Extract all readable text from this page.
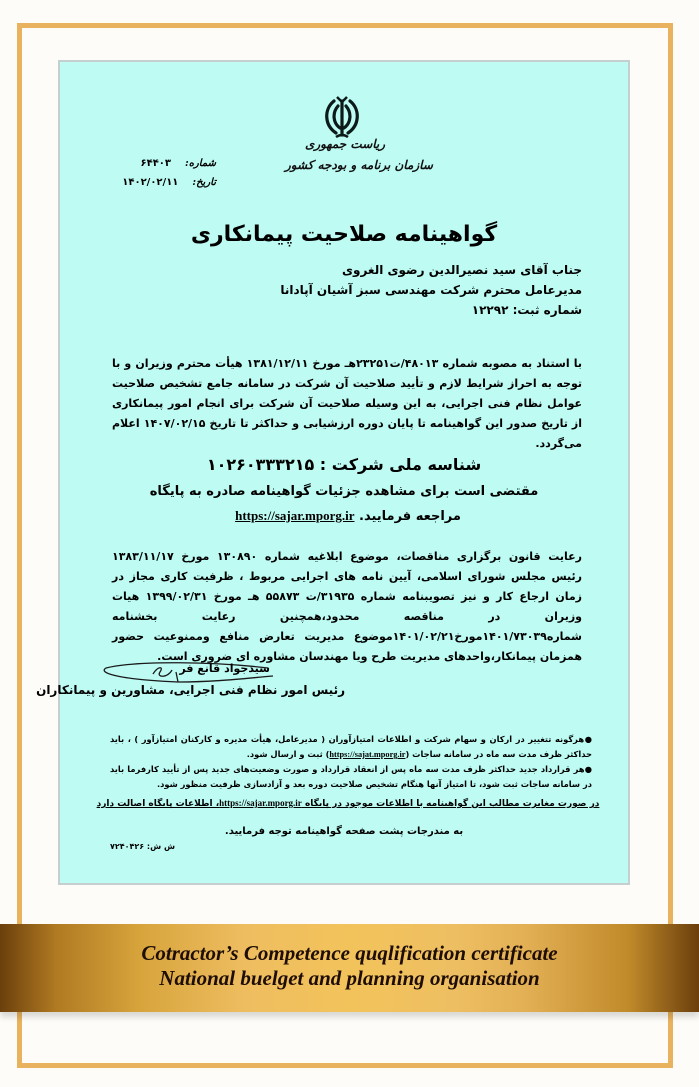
ریاست جمهوری
سازمان برنامه و بودجه کشور
شماره:۶۴۴۰۳
تاریخ:۱۴۰۲/۰۲/۱۱
گواهینامه صلاحیت پیمانکاری
جناب آقای سید نصیرالدین رضوی الغروی
مدیرعامل محترم شرکت مهندسی سبز آشیان آپادانا
شماره ثبت: ۱۲۲۹۲
با استناد به مصوبه شماره ۴۸۰۱۳/ت۲۳۲۵۱هـ مورخ ۱۳۸۱/۱۲/۱۱ هیأت محترم وزیران و با توجه به احراز شرایط لازم و تأیید صلاحیت آن شرکت در سامانه جامع تشخیص صلاحیت عوامل نظام فنی اجرایی، به این وسیله صلاحیت آن شرکت برای انجام امور پیمانکاری از تاریخ صدور این گواهینامه تا پایان دوره ارزشیابی و حداکثر تا تاریخ ۱۴۰۷/۰۲/۱۵ اعلام می‌گردد.
شناسه ملی شرکت : ۱۰۲۶۰۳۳۳۲۱۵
مقتضی است برای مشاهده جزئیات گواهینامه صادره به پایگاه
مراجعه فرمایید. https://sajar.mporg.ir
رعایت قانون برگزاری مناقصات، موضوع ابلاغیه شماره ۱۳۰۸۹۰ مورخ ۱۳۸۳/۱۱/۱۷ رئیس مجلس شورای اسلامی، آیین نامه های اجرایی مربوط ، ظرفیت کاری مجاز در زمان ارجاع کار و نیز تصویبنامه شماره ۳۱۹۳۵/ت ۵۵۸۷۳ هـ مورخ ۱۳۹۹/۰۲/۳۱ هیات وزیران در مناقصه محدود،همچنین رعایت بخشنامه شماره۱۴۰۱/۷۳۰۳۹مورخ۱۴۰۱/۰۲/۲۱موضوع مدیریت تعارض منافع وممنوعیت حضور همزمان پیمانکار،واحدهای مدیریت طرح ویا مهندسان مشاوره ای ضروری است.
سیدجواد قانع فر
رئیس امور نظام فنی اجرایی، مشاورین و پیمانکاران
●هرگونه تتغییر در ارکان و سهام شرکت و اطلاعات امتیازآوران ( مدیرعامل، هیأت مدیره و کارکنان امتیازآور ) ، باید حداکثر ظرف مدت سه ماه در سامانه ساجات (https://sajat.mporg.ir) ثبت و ارسال شود.
●هر قرارداد جدید حداکثر ظرف مدت سه ماه پس از انعقاد قرارداد و صورت وضعیت‌های جدید پس از تأیید کارفرما باید در سامانه ساجات ثبت شود، تا امتیاز آنها هنگام تشخیص صلاحیت دوره بعد و آزادسازی ظرفیت منظور شود.
در صورت مغایرت مطالب این گواهینامه با اطلاعات موجود در پایگاه https://sajar.mporg.ir، اطلاعات پایگاه اصالت دارد
به مندرجات پشت صفحه گواهینامه توجه فرمایید.
ش ش: ۷۲۴۰۴۲۶
Cotractor’s Competence quqlification certificate
National buelget and planning organisation
